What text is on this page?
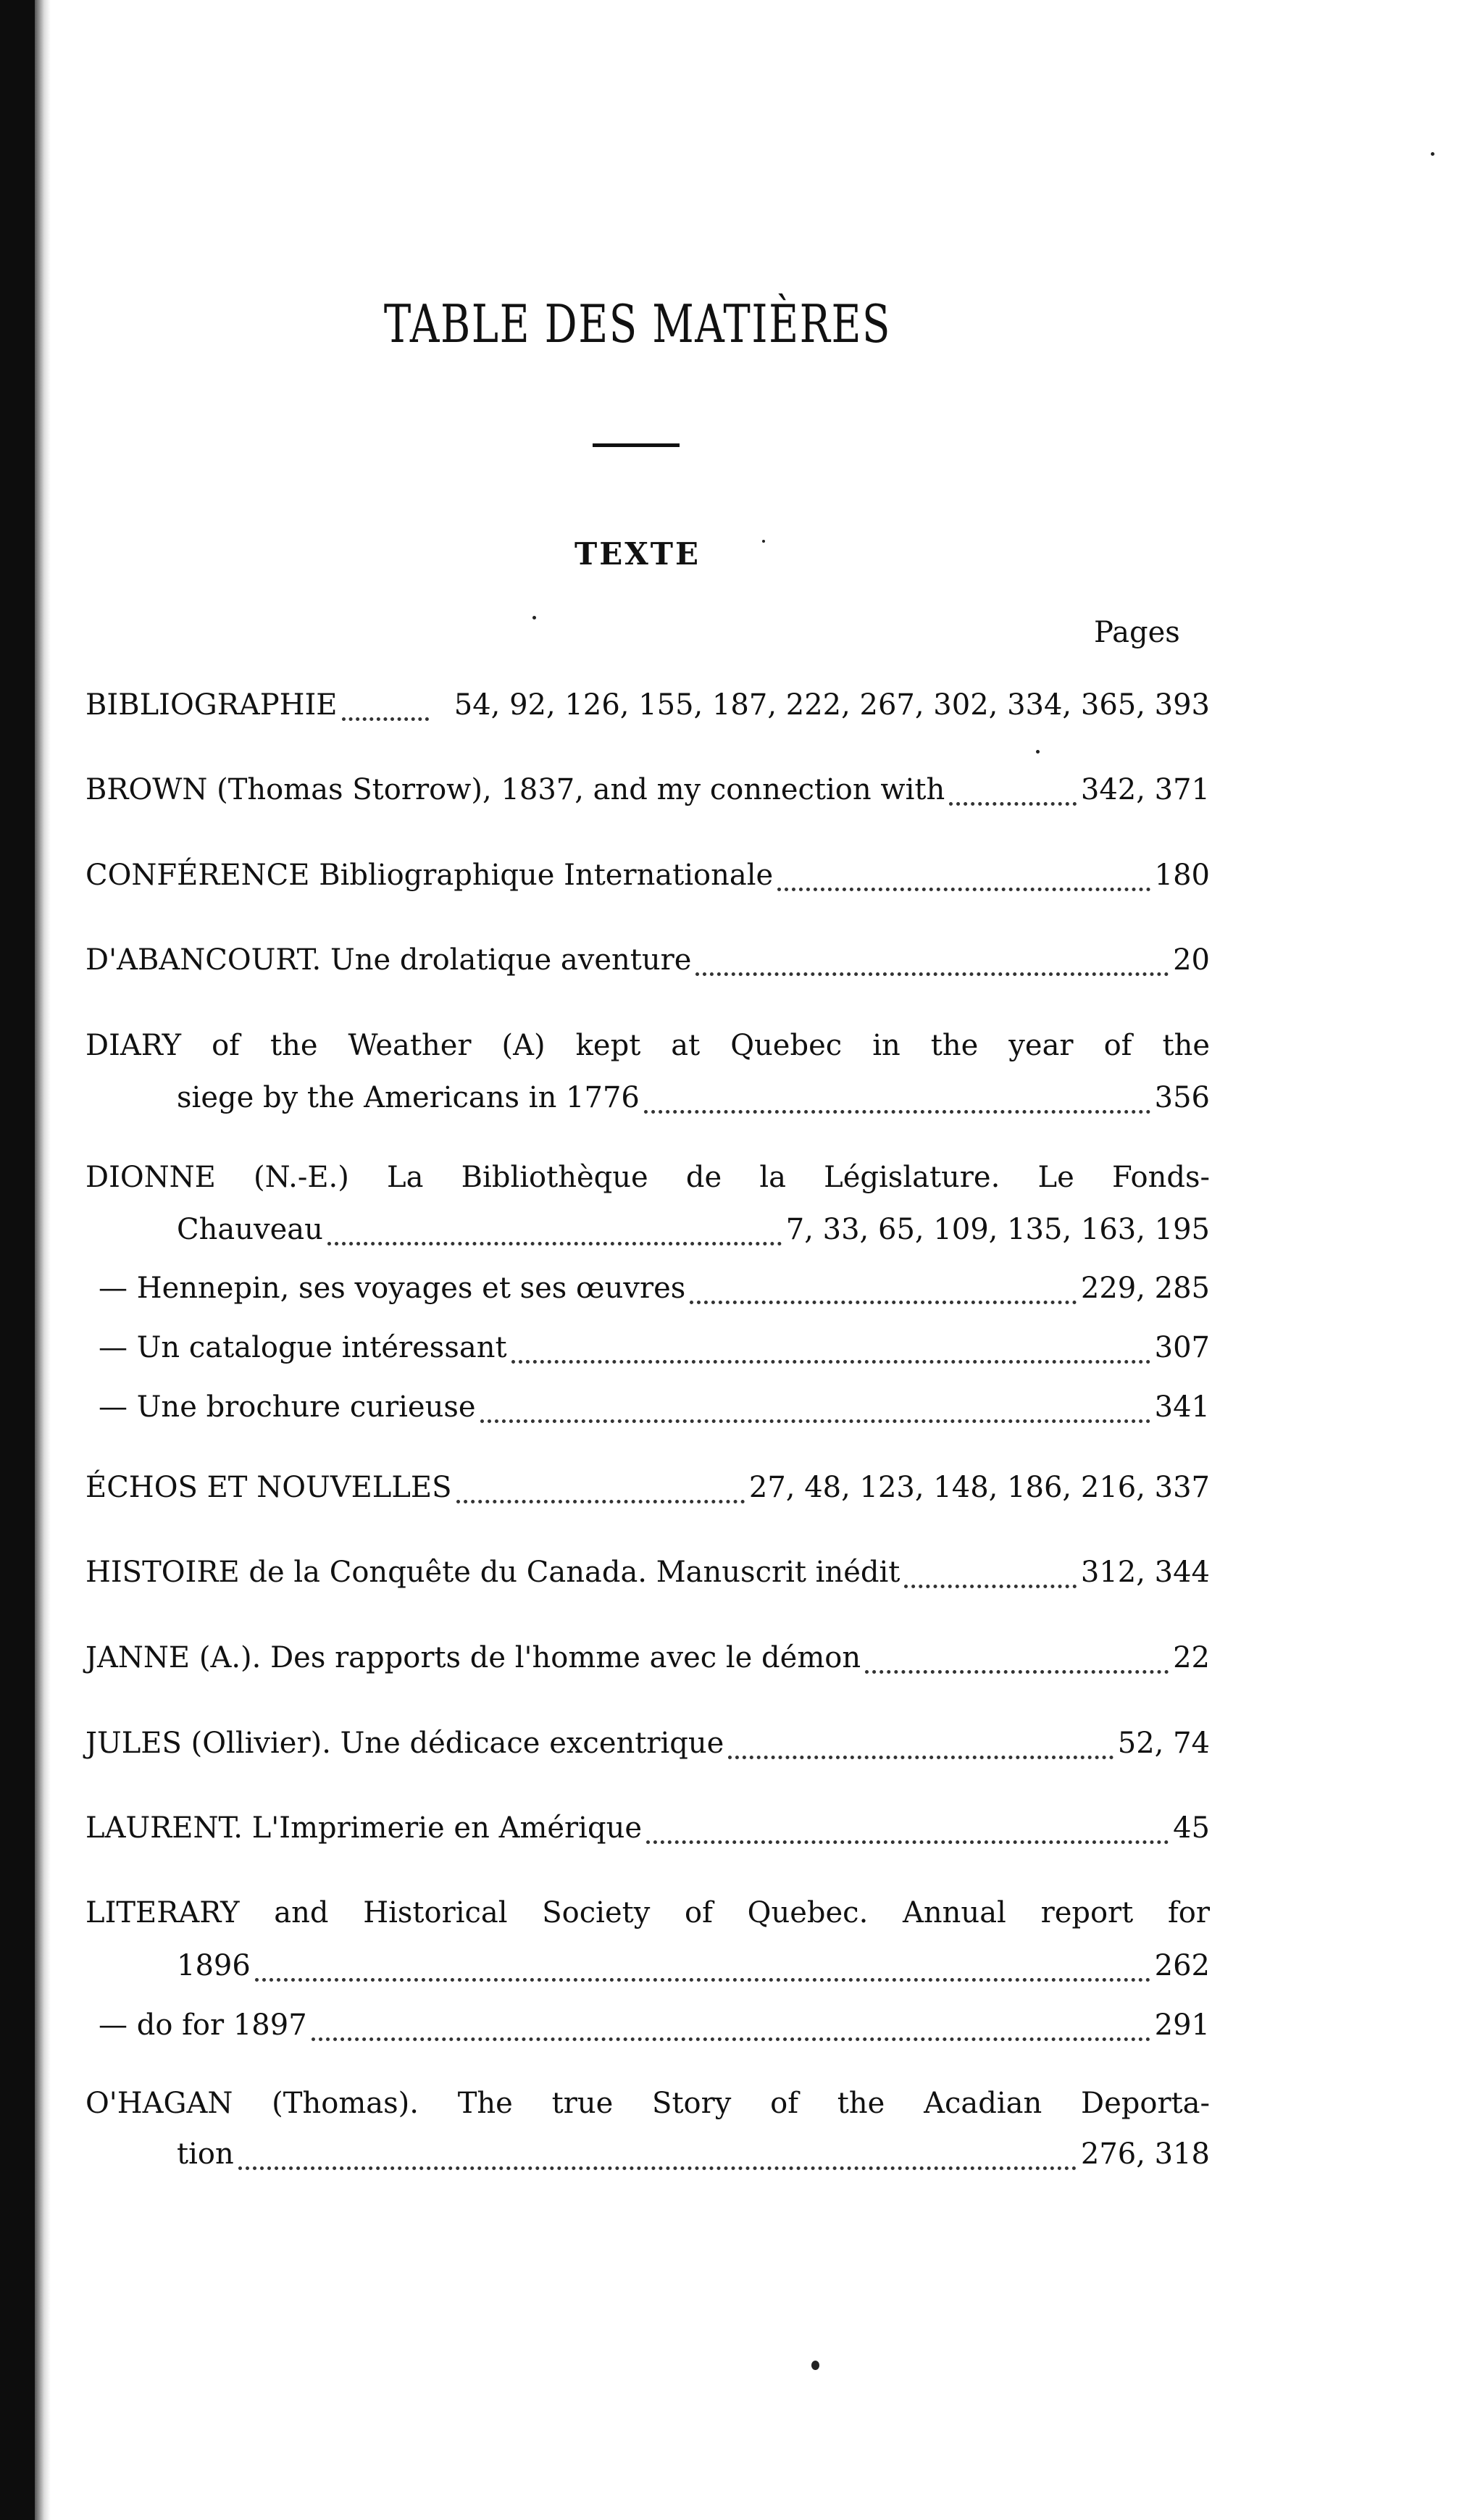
TABLE DES MATIÈRES
TEXTE
Pages
BIBLIOGRAPHIE	54, 92, 126, 155, 187, 222, 267, 302, 334, 365, 393
BROWN (Thomas Storrow), 1837, and my connection with	342, 371
CONFÉRENCE Bibliographique Internationale	180
D'ABANCOURT. Une drolatique aventure	20
DIARY of the Weather (A) kept at Quebec in the year of the
siege by the Americans in 1776	356
DIONNE (N.-E.) La Bibliothèque de la Législature. Le Fonds-
Chauveau	7, 33, 65, 109, 135, 163, 195
— Hennepin, ses voyages et ses œuvres	229, 285
— Un catalogue intéressant	307
— Une brochure curieuse	341
ÉCHOS ET NOUVELLES	27, 48, 123, 148, 186, 216, 337
HISTOIRE de la Conquête du Canada. Manuscrit inédit	312, 344
JANNE (A.). Des rapports de l'homme avec le démon	22
JULES (Ollivier). Une dédicace excentrique	52, 74
LAURENT. L'Imprimerie en Amérique	45
LITERARY and Historical Society of Quebec. Annual report for
1896	262
— do for 1897	291
O'HAGAN (Thomas). The true Story of the Acadian Deporta-
tion	276, 318
